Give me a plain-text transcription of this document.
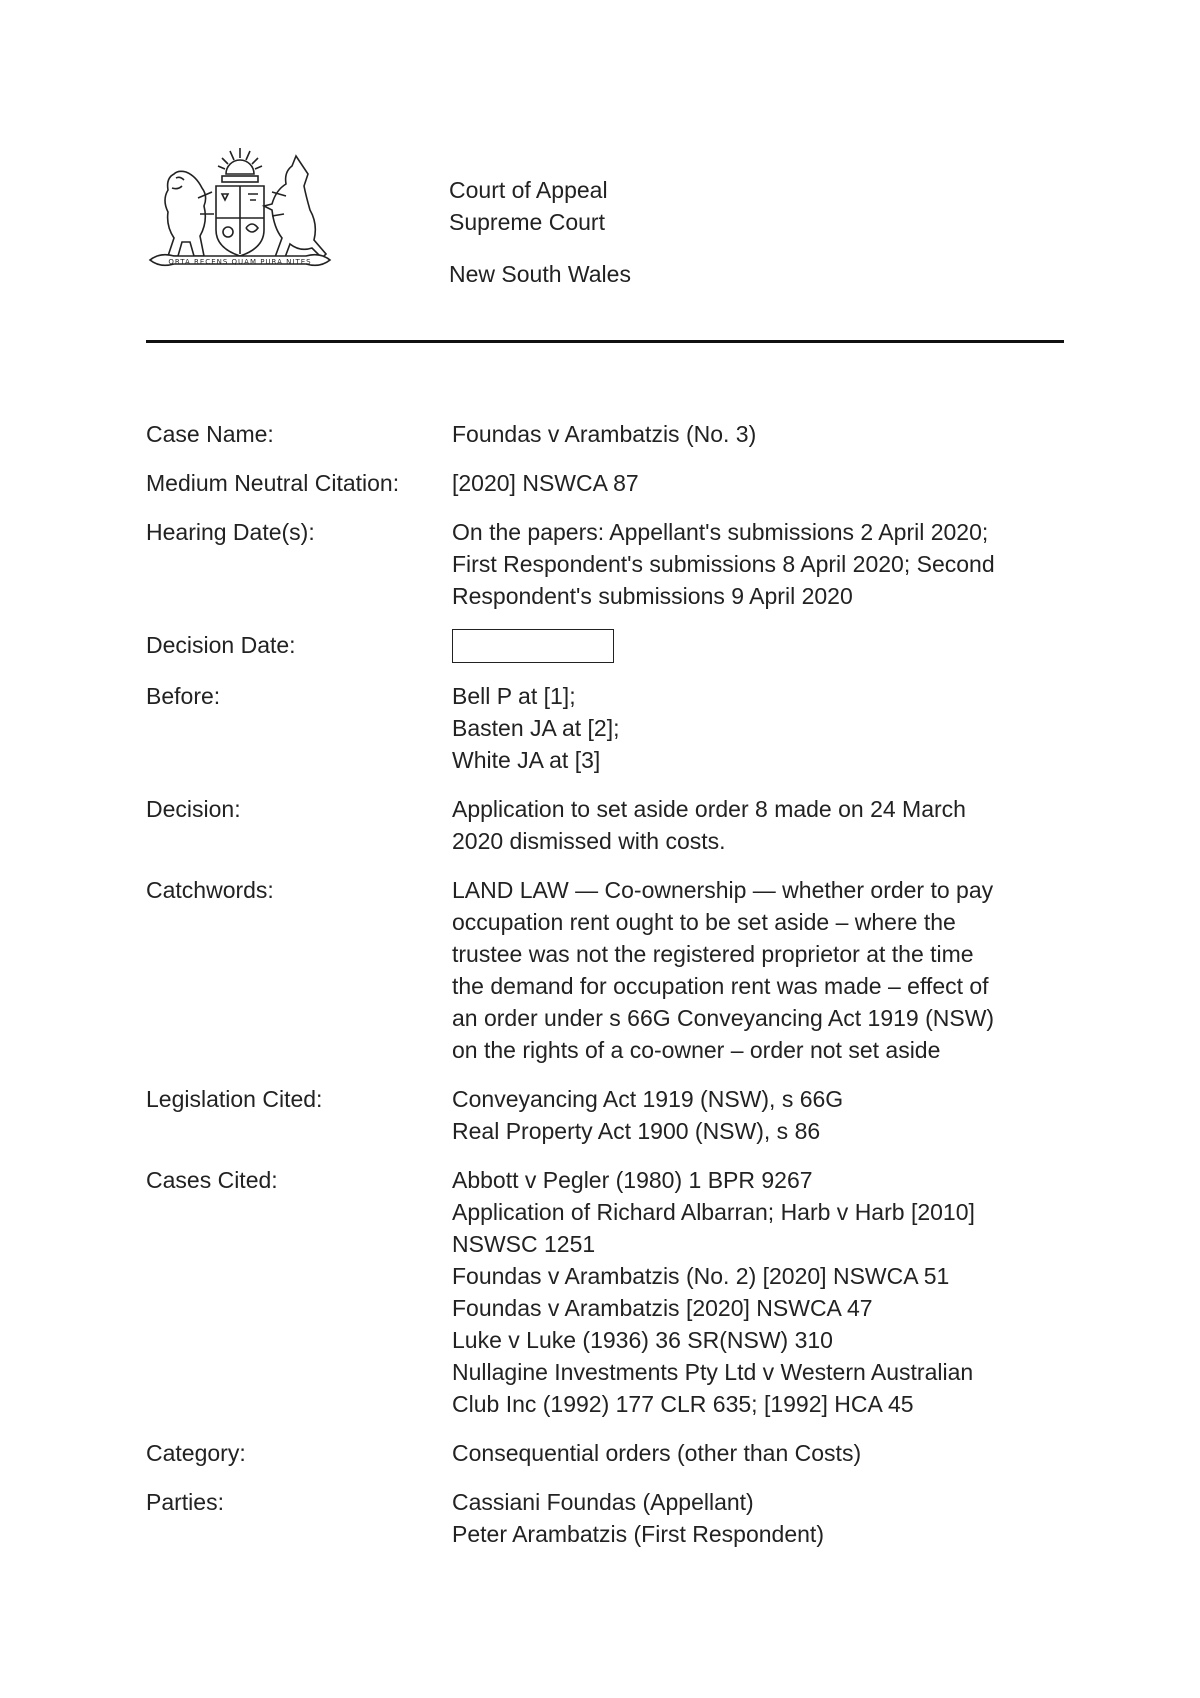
ORTA RECENS QUAM PURA NITES
Court of Appeal
Supreme Court
New South Wales
Case Name:	Foundas v Arambatzis (No. 3)
Medium Neutral Citation:	[2020] NSWCA 87
Hearing Date(s):	On the papers: Appellant's submissions 2 April 2020;
First Respondent's submissions 8 April 2020; Second
Respondent's submissions 9 April 2020
Decision Date:
Before:	Bell P at [1];
Basten JA at [2];
White JA at [3]
Decision:	Application to set aside order 8 made on 24 March
2020 dismissed with costs.
Catchwords:	LAND LAW — Co-ownership — whether order to pay
occupation rent ought to be set aside – where the
trustee was not the registered proprietor at the time
the demand for occupation rent was made – effect of
an order under s 66G Conveyancing Act 1919 (NSW)
on the rights of a co-owner – order not set aside
Legislation Cited:	Conveyancing Act 1919 (NSW), s 66G
Real Property Act 1900 (NSW), s 86
Cases Cited:	Abbott v Pegler (1980) 1 BPR 9267
Application of Richard Albarran; Harb v Harb [2010]
NSWSC 1251
Foundas v Arambatzis (No. 2) [2020] NSWCA 51
Foundas v Arambatzis [2020] NSWCA 47
Luke v Luke (1936) 36 SR(NSW) 310
Nullagine Investments Pty Ltd v Western Australian
Club Inc (1992) 177 CLR 635; [1992] HCA 45
Category:	Consequential orders (other than Costs)
Parties:	Cassiani Foundas (Appellant)
Peter Arambatzis (First Respondent)
